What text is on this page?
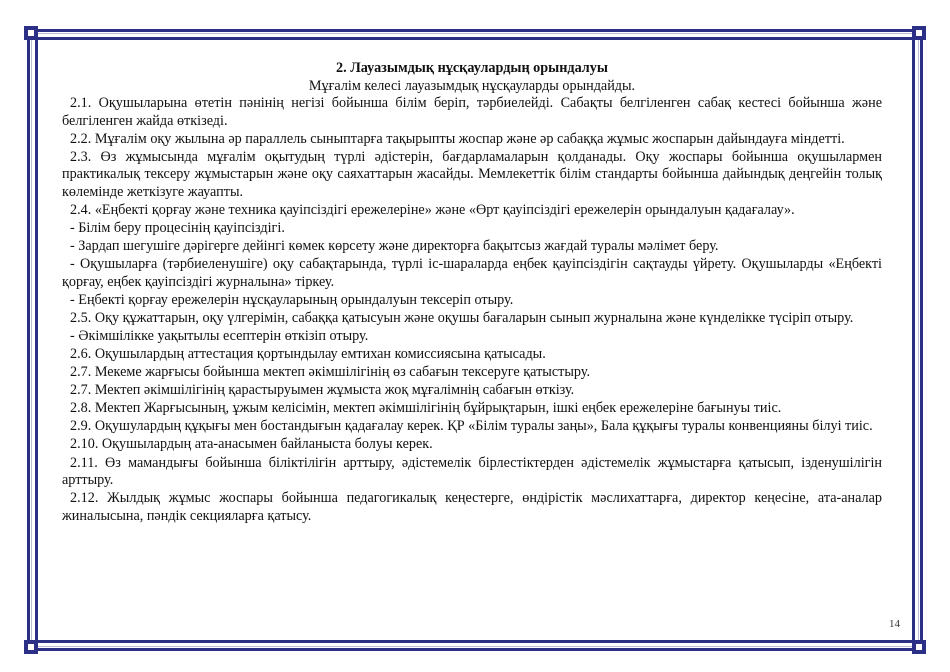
2. Лауазымдық нұсқаулардың орындалуы

Мұғалім келесі лауазымдық нұсқауларды орындайды.

2.1. Оқушыларына өтетін пәнінің негізі бойынша білім беріп, тәрбиелейді. Сабақты белгіленген сабақ кестесі бойынша және белгіленген жайда өткізеді.

2.2. Мұғалім оқу жылына әр параллель сыныптарға тақырыпты жоспар және әр сабаққа жұмыс жоспарын дайындауға міндетті.

2.3. Өз жұмысында мұғалім оқытудың түрлі әдістерін, бағдарламаларын қолданады. Оқу жоспары бойынша оқушылармен практикалық тексеру жұмыстарын және оқу саяхаттарын жасайды. Мемлекеттік білім стандарты бойынша дайындық деңгейін толық көлемінде жеткізуге жауапты.

2.4. «Еңбекті қорғау және техника қауіпсіздігі ережелеріне» және «Өрт қауіпсіздігі ережелерін орындалуын қадағалау».

- Білім беру процесінің қауіпсіздігі.

- Зардап шегушіге дәрігерге дейінгі көмек көрсету және директорға бақытсыз жағдай туралы мәлімет беру.

- Оқушыларға (тәрбиеленушіге) оқу сабақтарында, түрлі іс-шараларда еңбек қауіпсіздігін сақтауды үйрету. Оқушыларды «Еңбекті қорғау, еңбек қауіпсіздігі журналына» тіркеу.

- Еңбекті қорғау ережелерін нұсқауларының орындалуын тексеріп отыру.

2.5. Оқу құжаттарын, оқу үлгерімін, сабаққа қатысуын және оқушы бағаларын сынып журналына және күнделікке түсіріп отыру.

- Әкімшілікке уақытылы есептерін өткізіп отыру.

2.6. Оқушылардың аттестация қортындылау емтихан комиссиясына қатысады.

2.7. Мекеме жарғысы бойынша мектеп әкімшілігінің өз сабағын тексеруге қатыстыру.

2.7. Мектеп әкімшілігінің қарастыруымен жұмыста жоқ мұғалімнің сабағын өткізу.

2.8. Мектеп Жарғысының, ұжым келісімін, мектеп әкімшілігінің бұйрықтарын, ішкі еңбек ережелеріне бағынуы тиіс.

2.9. Оқушулардың құқығы мен бостандығын қадағалау керек. ҚР «Білім туралы заңы», Бала құқығы туралы конвенцияны білуі тиіс.

2.10. Оқушылардың ата-анасымен байланыста болуы керек.

2.11. Өз мамандығы бойынша біліктілігін арттыру, әдістемелік бірлестіктерден әдістемелік жұмыстарға қатысып, ізденушілігін арттыру.

2.12. Жылдық жұмыс жоспары бойынша педагогикалық кеңестерге, өндірістік мәслихаттарға, директор кеңесіне, ата-аналар жиналысына, пәндік секцияларға қатысу.

14
